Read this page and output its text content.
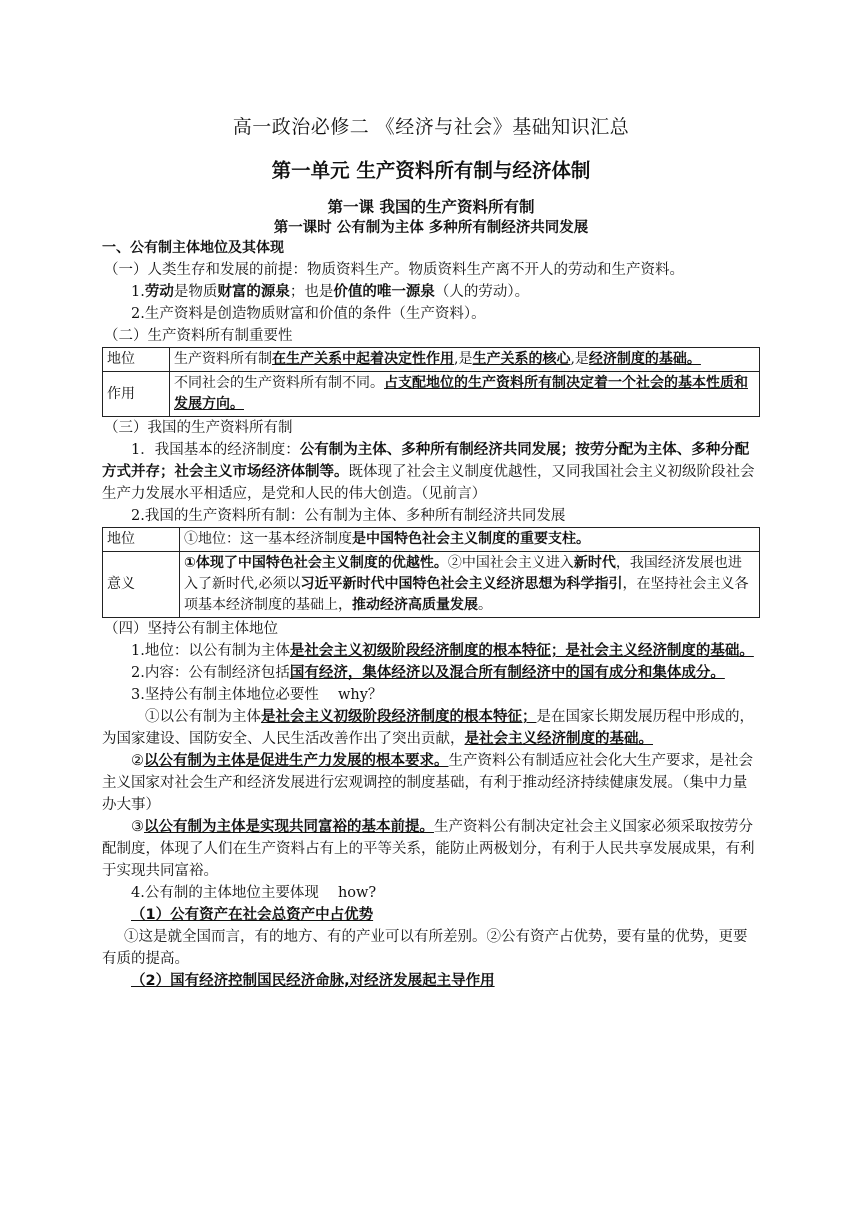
高一政治必修二 《经济与社会》基础知识汇总
第一单元 生产资料所有制与经济体制
第一课 我国的生产资料所有制
第一课时 公有制为主体 多种所有制经济共同发展
一、公有制主体地位及其体现

（一）人类生存和发展的前提：物质资料生产。物质资料生产离不开人的劳动和生产资料。

1.劳动是物质财富的源泉；也是价值的唯一源泉（人的劳动）。

2.生产资料是创造物质财富和价值的条件（生产资料）。

（二）生产资料所有制重要性

地位	生产资料所有制在生产关系中起着决定性作用,是生产关系的核心,是经济制度的基础。
作用	不同社会的生产资料所有制不同。占支配地位的生产资料所有制决定着一个社会的基本性质和发展方向。

（三）我国的生产资料所有制

1．我国基本的经济制度：公有制为主体、多种所有制经济共同发展；按劳分配为主体、多种分配方式并存；社会主义市场经济体制等。既体现了社会主义制度优越性，又同我国社会主义初级阶段社会生产力发展水平相适应，是党和人民的伟大创造。（见前言）

2.我国的生产资料所有制：公有制为主体、多种所有制经济共同发展

地位	①地位：这一基本经济制度是中国特色社会主义制度的重要支柱。
意义	①体现了中国特色社会主义制度的优越性。②中国社会主义进入新时代，我国经济发展也进入了新时代,必须以习近平新时代中国特色社会主义经济思想为科学指引，在坚持社会主义各项基本经济制度的基础上，推动经济高质量发展。

（四）坚持公有制主体地位

1.地位：以公有制为主体是社会主义初级阶段经济制度的根本特征；是社会主义经济制度的基础。

2.内容：公有制经济包括国有经济，集体经济以及混合所有制经济中的国有成分和集体成分。

3.坚持公有制主体地位必要性　 why？

①以公有制为主体是社会主义初级阶段经济制度的根本特征；是在国家长期发展历程中形成的，为国家建设、国防安全、人民生活改善作出了突出贡献，是社会主义经济制度的基础。

②以公有制为主体是促进生产力发展的根本要求。生产资料公有制适应社会化大生产要求，是社会主义国家对社会生产和经济发展进行宏观调控的制度基础，有利于推动经济持续健康发展。（集中力量办大事）

③以公有制为主体是实现共同富裕的基本前提。生产资料公有制决定社会主义国家必须采取按劳分配制度，体现了人们在生产资料占有上的平等关系，能防止两极划分，有利于人民共享发展成果，有利于实现共同富裕。

4.公有制的主体地位主要体现　 how?

（1）公有资产在社会总资产中占优势

①这是就全国而言，有的地方、有的产业可以有所差别。②公有资产占优势，要有量的优势，更要有质的提高。

（2）国有经济控制国民经济命脉,对经济发展起主导作用
